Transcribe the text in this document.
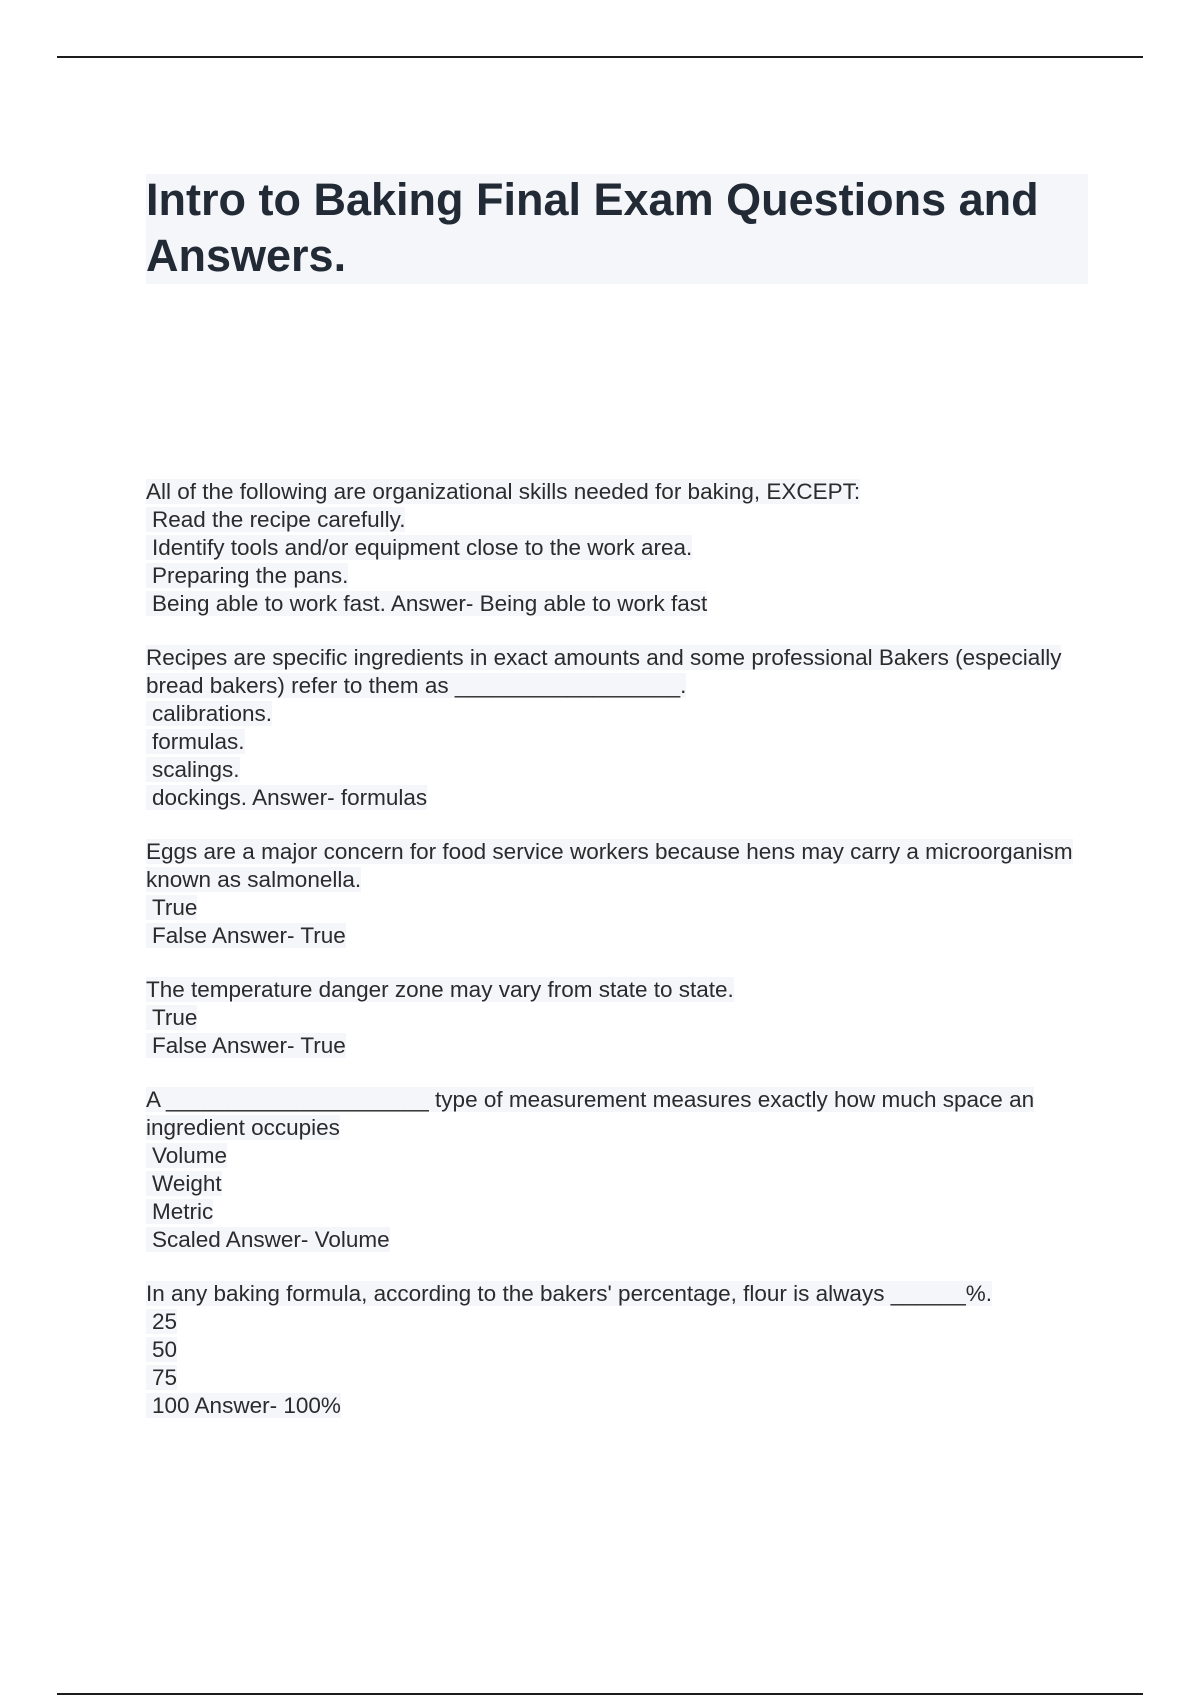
Intro to Baking Final Exam Questions and Answers.
All of the following are organizational skills needed for baking, EXCEPT:
Read the recipe carefully.
Identify tools and/or equipment close to the work area.
Preparing the pans.
Being able to work fast. Answer- Being able to work fast
Recipes are specific ingredients in exact amounts and some professional Bakers (especially bread bakers) refer to them as __________________.
calibrations.
formulas.
scalings.
dockings. Answer- formulas
Eggs are a major concern for food service workers because hens may carry a microorganism known as salmonella.
True
False Answer- True
The temperature danger zone may vary from state to state.
True
False Answer- True
A _____________________ type of measurement measures exactly how much space an ingredient occupies
Volume
Weight
Metric
Scaled Answer- Volume
In any baking formula, according to the bakers' percentage, flour is always ______%.
25
50
75
100 Answer- 100%
